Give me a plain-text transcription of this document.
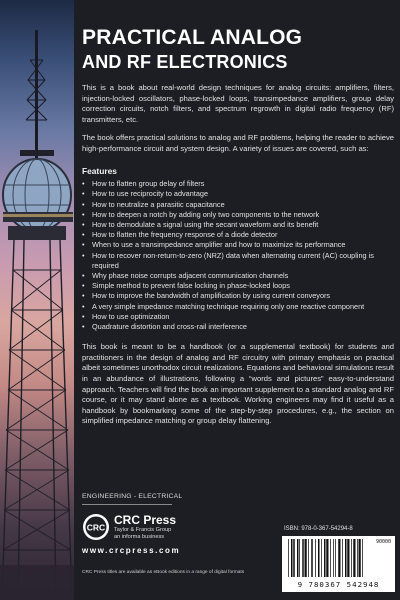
PRACTICAL ANALOG
AND RF ELECTRONICS

This is a book about real-world design techniques for analog circuits: amplifiers, filters, injection-locked oscillators, phase-locked loops, transimpedance amplifiers, group delay correction circuits, notch filters, and spectrum regrowth in digital radio frequency (RF) transmitters, etc.

The book offers practical solutions to analog and RF problems, helping the reader to achieve high-performance circuit and system design. A variety of issues are covered, such as:

Features
• How to flatten group delay of filters
• How to use reciprocity to advantage
• How to neutralize a parasitic capacitance
• How to deepen a notch by adding only two components to the network
• How to demodulate a signal using the secant waveform and its benefit
• How to flatten the frequency response of a diode detector
• When to use a transimpedance amplifier and how to maximize its performance
• How to recover non-return-to-zero (NRZ) data when alternating current (AC) coupling is required
• Why phase noise corrupts adjacent communication channels
• Simple method to prevent false locking in phase-locked loops
• How to improve the bandwidth of amplification by using current conveyors
• A very simple impedance matching technique requiring only one reactive component
• How to use optimization
• Quadrature distortion and cross-rail interference

This book is meant to be a handbook (or a supplemental textbook) for students and practitioners in the design of analog and RF circuitry with primary emphasis on practical albeit sometimes unorthodox circuit realizations. Equations and behavioral simulations result in an abundance of illustrations, following a “words and pictures” easy-to-understand approach. Teachers will find the book an important supplement to a standard analog and RF course, or it may stand alone as a textbook. Working engineers may find it useful as a handbook by bookmarking some of the step-by-step procedures, e.g., the section on simplified impedance matching or group delay flattening.

ENGINEERING - ELECTRICAL
CRC
CRC Press
Taylor & Francis Group
an informa business
www.crcpress.com
CRC Press titles are available as eBook editions in a range of digital formats
ISBN: 978-0-367-54294-8
90000
9 780367 542948
